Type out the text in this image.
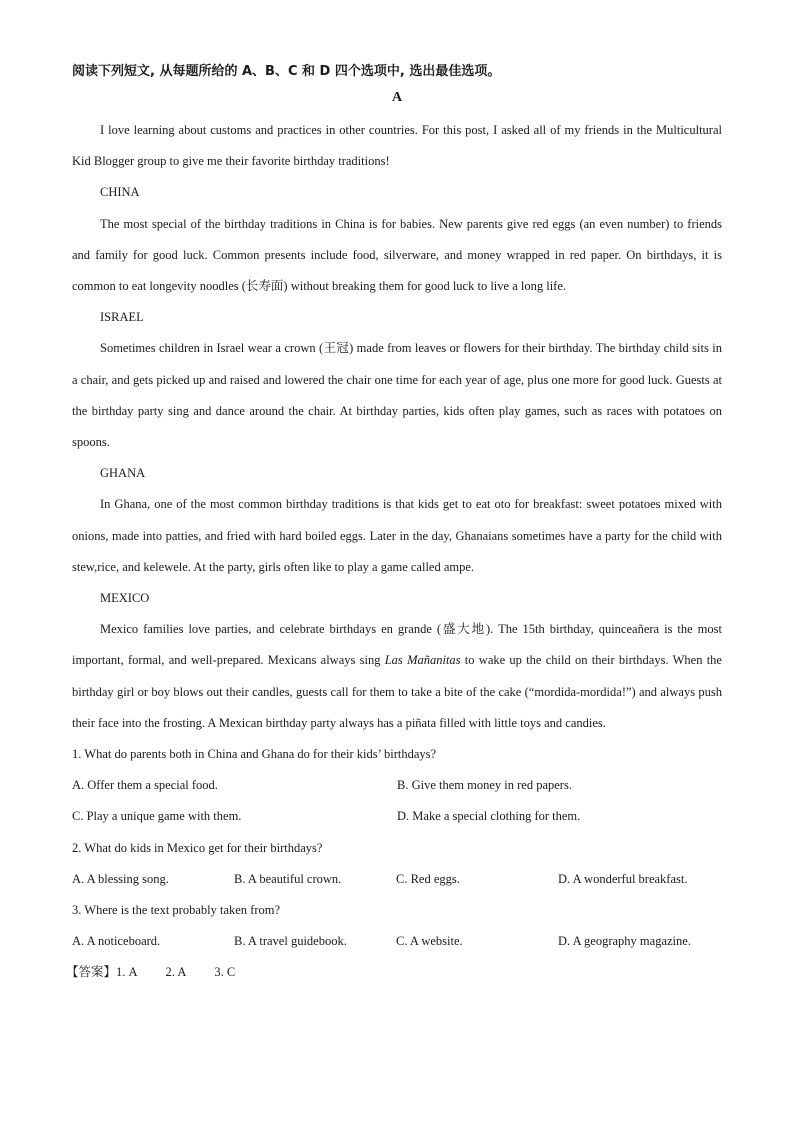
阅读下列短文, 从每题所给的 A、B、C 和 D 四个选项中, 选出最佳选项。
A

I love learning about customs and practices in other countries. For this post, I asked all of my friends in the Multicultural Kid Blogger group to give me their favorite birthday traditions!

CHINA

The most special of the birthday traditions in China is for babies. New parents give red eggs (an even number) to friends and family for good luck. Common presents include food, silverware, and money wrapped in red paper. On birthdays, it is common to eat longevity noodles (长寿面) without breaking them for good luck to live a long life.

ISRAEL

Sometimes children in Israel wear a crown (王冠) made from leaves or flowers for their birthday. The birthday child sits in a chair, and gets picked up and raised and lowered the chair one time for each year of age, plus one more for good luck. Guests at the birthday party sing and dance around the chair. At birthday parties, kids often play games, such as races with potatoes on spoons.

GHANA

In Ghana, one of the most common birthday traditions is that kids get to eat oto for breakfast: sweet potatoes mixed with onions, made into patties, and fried with hard boiled eggs. Later in the day, Ghanaians sometimes have a party for the child with stew,rice, and kelewele. At the party, girls often like to play a game called ampe.

MEXICO

Mexico families love parties, and celebrate birthdays en grande (盛大地). The 15th birthday, quinceañera is the most important, formal, and well-prepared. Mexicans always sing Las Mañanitas to wake up the child on their birthdays. When the birthday girl or boy blows out their candles, guests call for them to take a bite of the cake (“mordida-mordida!”) and always push their face into the frosting. A Mexican birthday party always has a piñata filled with little toys and candies.

1. What do parents both in China and Ghana do for their kids’ birthdays?

A. Offer them a special food.	B. Give them money in red papers.
C. Play a unique game with them.	D. Make a special clothing for them.

2. What do kids in Mexico get for their birthdays?

A. A blessing song.	B. A beautiful crown.	C. Red eggs.	D. A wonderful breakfast.

3. Where is the text probably taken from?

A. A noticeboard.	B. A travel guidebook.	C. A website.	D. A geography magazine.

【答案】1. A 2. A 3. C
